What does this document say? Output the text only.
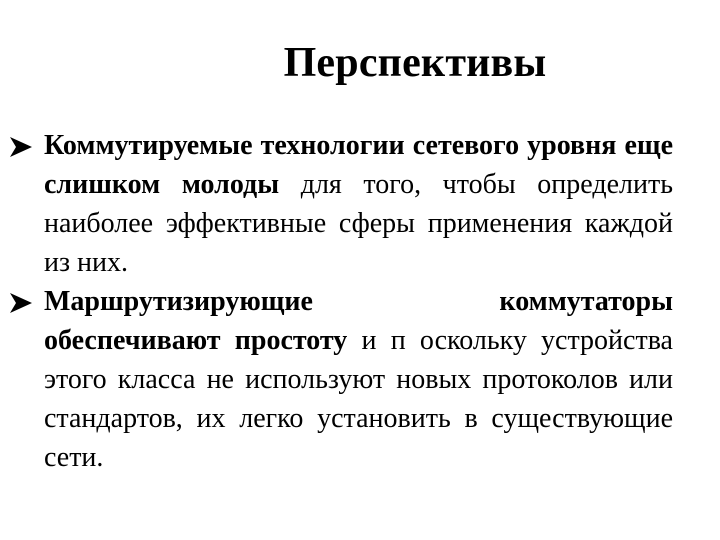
Перспективы
Коммутируемые технологии сетевого уровня еще слишком молоды для того, чтобы определить наиболее эффективные сферы применения каждой из них.
Маршрутизирующие коммутаторы обеспечивают простоту и п оскольку устройства этого класса не используют новых протоколов или стандартов, их легко установить в существующие сети.
